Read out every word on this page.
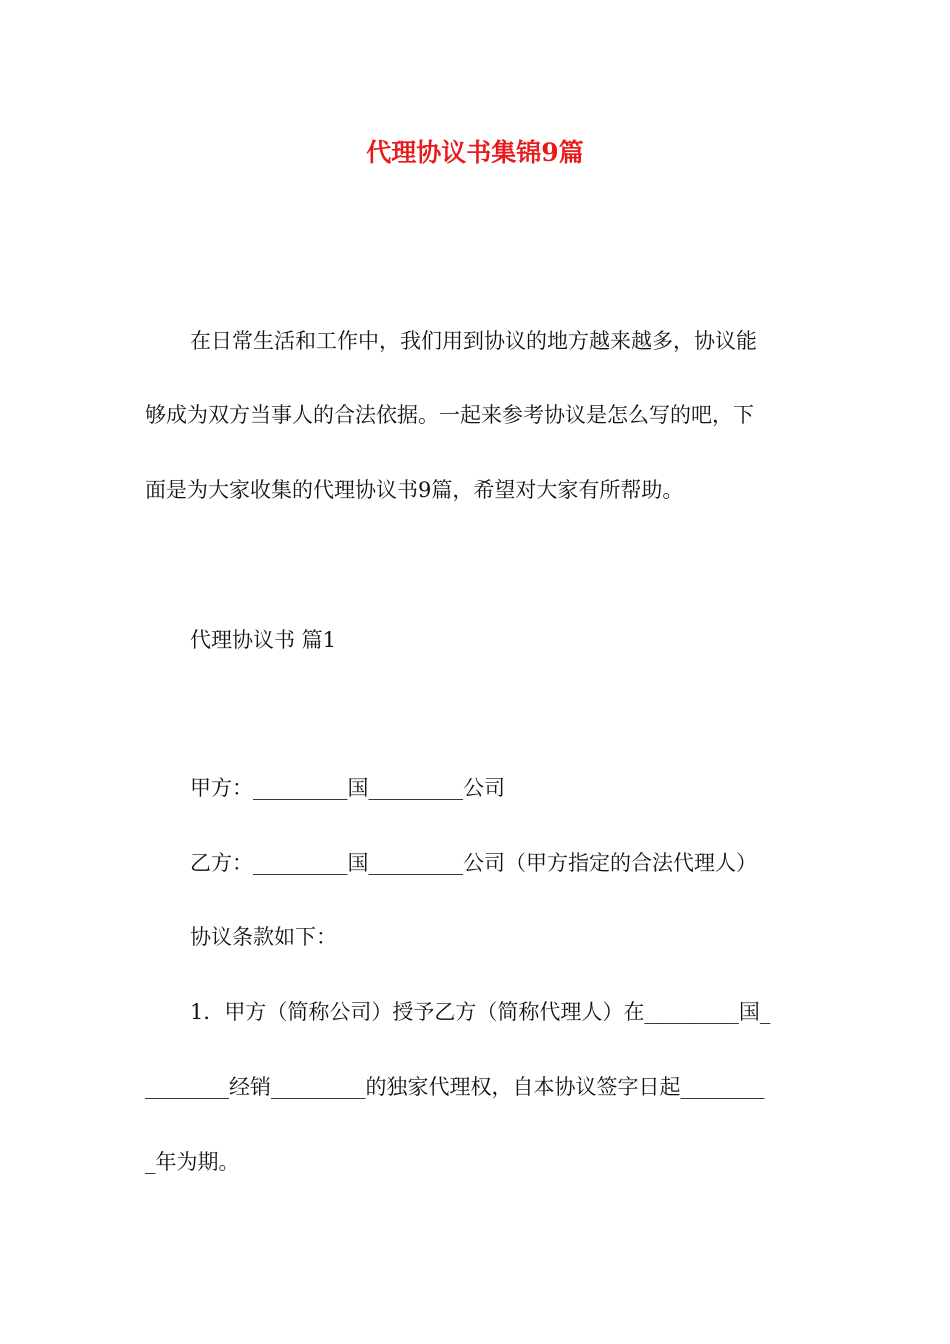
代理协议书集锦9篇
在日常生活和工作中，我们用到协议的地方越来越多，协议能
够成为双方当事人的合法依据。一起来参考协议是怎么写的吧，下
面是为大家收集的代理协议书9篇，希望对大家有所帮助。
代理协议书 篇1
甲方：_________国_________公司
乙方：_________国_________公司（甲方指定的合法代理人）
协议条款如下：
1．甲方（简称公司）授予乙方（简称代理人）在_________国_
________经销_________的独家代理权，自本协议签字日起________
_年为期。
